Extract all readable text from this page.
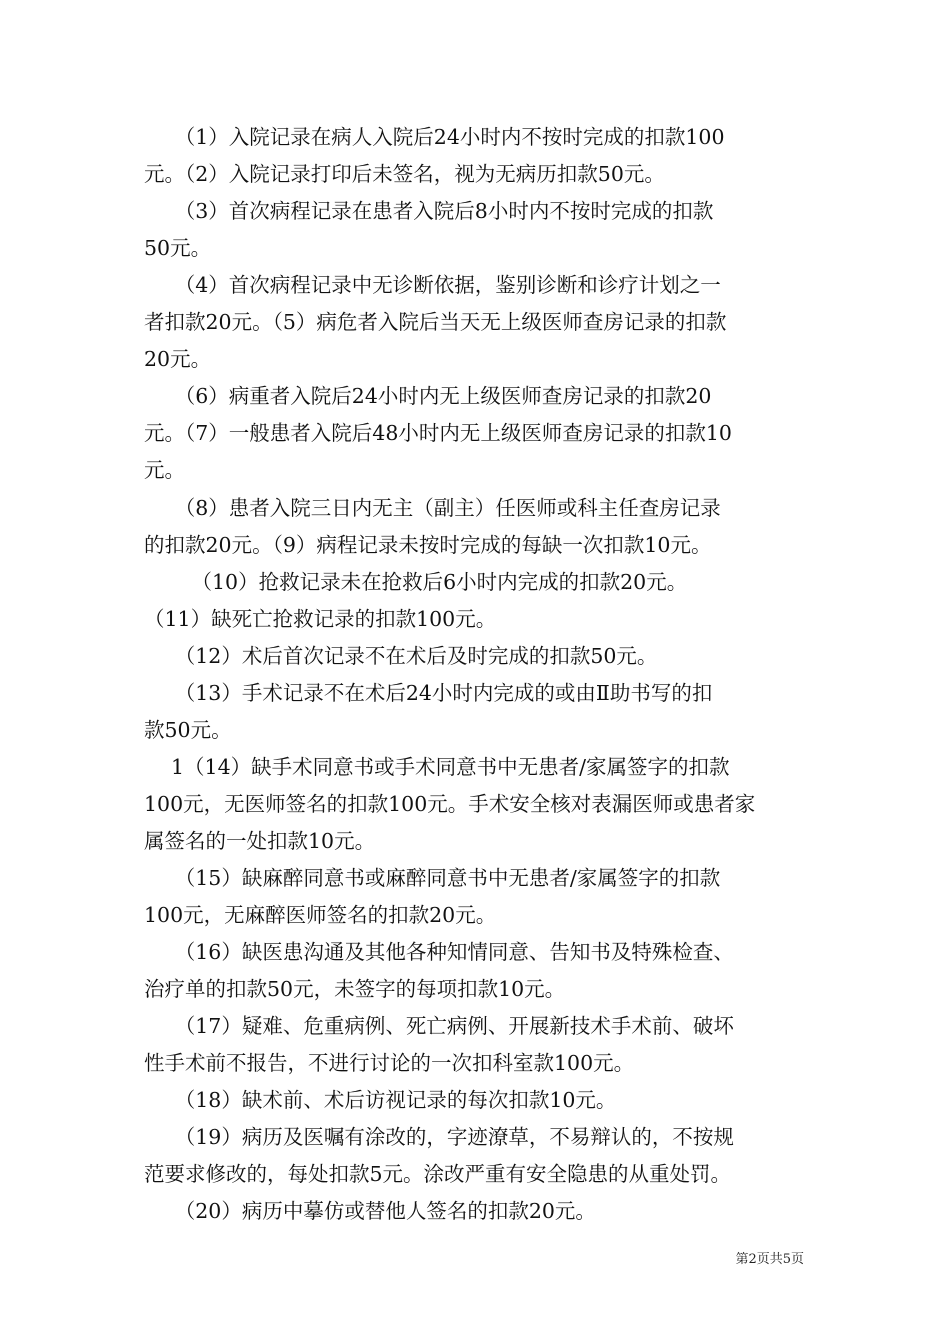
　　（1）入院记录在病人入院后24小时内不按时完成的扣款100
元。（2）入院记录打印后未签名，视为无病历扣款50元。
　　（3）首次病程记录在患者入院后8小时内不按时完成的扣款
50元。
　　（4）首次病程记录中无诊断依据，鉴别诊断和诊疗计划之一
者扣款20元。（5）病危者入院后当天无上级医师查房记录的扣款
20元。
　　（6）病重者入院后24小时内无上级医师查房记录的扣款20
元。（7）一般患者入院后48小时内无上级医师查房记录的扣款10
元。
　　（8）患者入院三日内无主（副主）任医师或科主任查房记录
的扣款20元。（9）病程记录未按时完成的每缺一次扣款10元。
　　 （10）抢救记录未在抢救后6小时内完成的扣款20元。
（11）缺死亡抢救记录的扣款100元。
　　（12）术后首次记录不在术后及时完成的扣款50元。
　　（13）手术记录不在术后24小时内完成的或由Ⅱ助书写的扣
款50元。
　 1（14）缺手术同意书或手术同意书中无患者/家属签字的扣款
100元，无医师签名的扣款100元。手术安全核对表漏医师或患者家
属签名的一处扣款10元。
　　（15）缺麻醉同意书或麻醉同意书中无患者/家属签字的扣款
100元，无麻醉医师签名的扣款20元。
　　（16）缺医患沟通及其他各种知情同意、告知书及特殊检查、
治疗单的扣款50元，未签字的每项扣款10元。
　　（17）疑难、危重病例、死亡病例、开展新技术手术前、破坏
性手术前不报告，不进行讨论的一次扣科室款100元。
　　（18）缺术前、术后访视记录的每次扣款10元。
　　（19）病历及医嘱有涂改的，字迹潦草，不易辩认的，不按规
范要求修改的，每处扣款5元。涂改严重有安全隐患的从重处罚。
　　（20）病历中摹仿或替他人签名的扣款20元。
第2页共5页
